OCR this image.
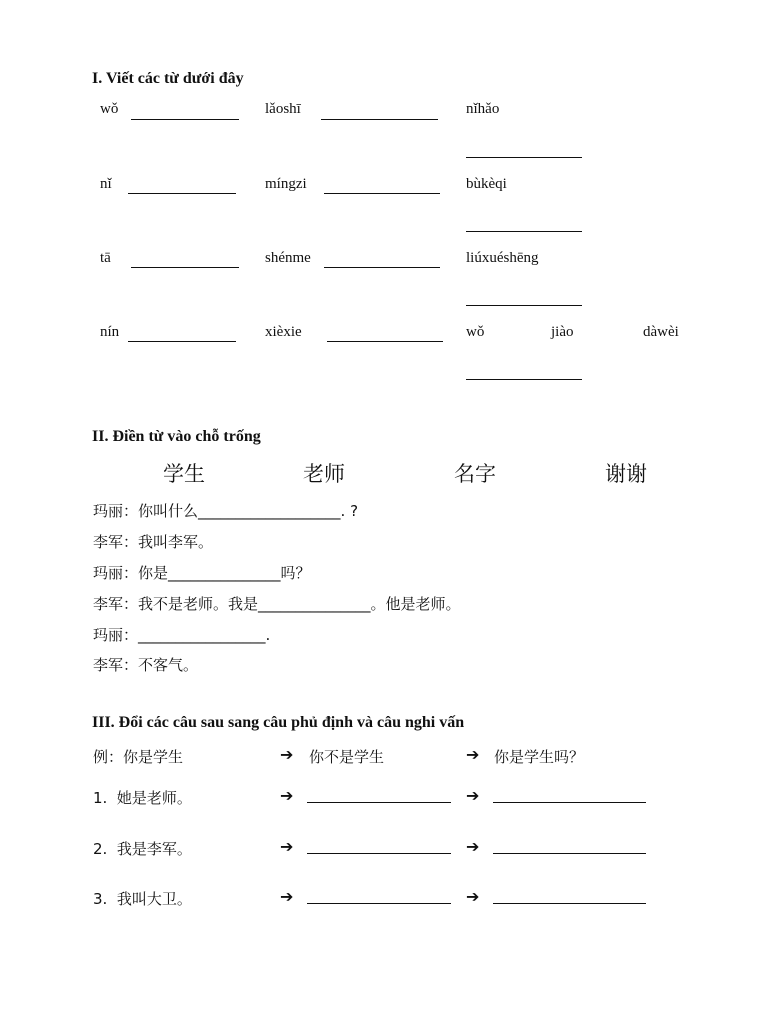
I. Viết các từ dưới đây
wǒ	lǎoshī	nǐhǎo
nǐ	míngzi	bùkèqi
tā	shénme	liúxuéshēng
nín	xièxie	wǒ	jiào	dàwèi
II. Điền từ vào chỗ trống
学生	老师	名字	谢谢
玛丽：你叫什么___________________. ?
李军：我叫李军。
玛丽：你是_______________吗？
李军：我不是老师。我是_______________。他是老师。
玛丽：_________________.
李军：不客气。
III. Đổi các câu sau sang câu phủ định và câu nghi vấn
例：你是学生	➔ 你不是学生	➔ 你是学生吗？
1. 她是老师。	➔	➔
2. 我是李军。	➔	➔
3. 我叫大卫。	➔	➔
